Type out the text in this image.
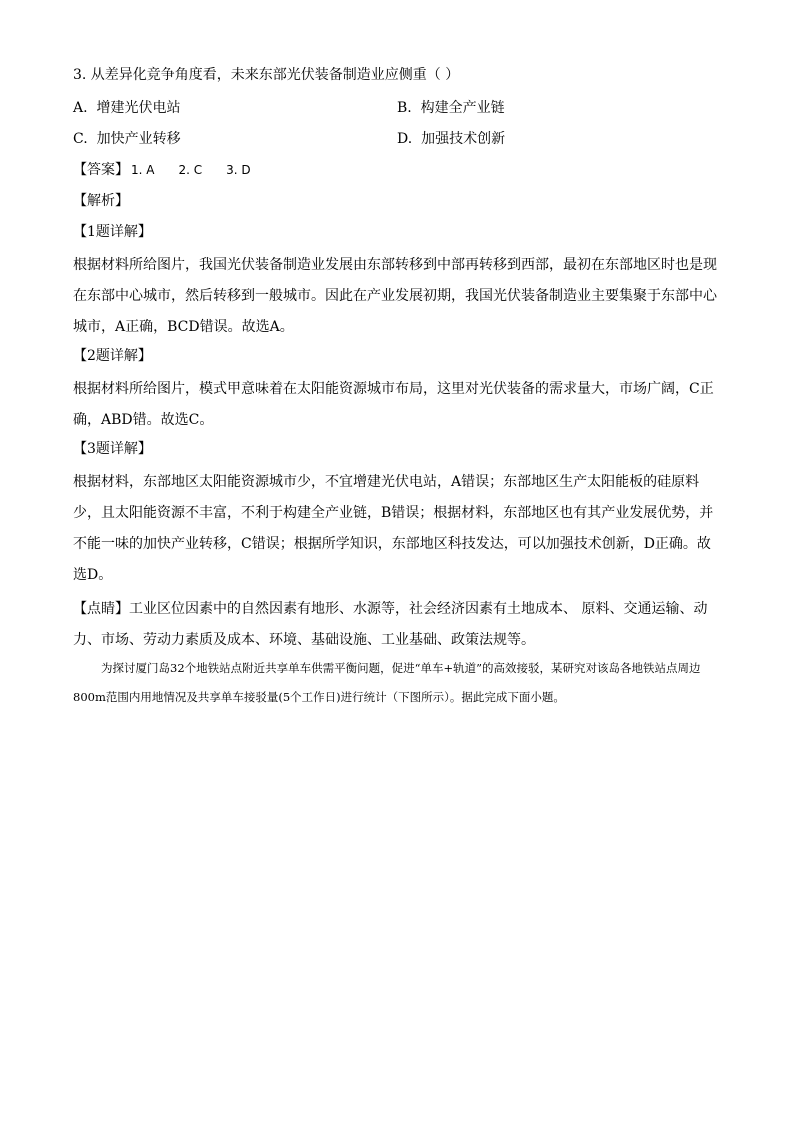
3. 从差异化竞争角度看，未来东部光伏装备制造业应侧重（ ）
A. 增建光伏电站	B. 构建全产业链
C. 加快产业转移	D. 加强技术创新
【答案】 1. A 2. C 3. D
【解析】
【1题详解】
根据材料所给图片，我国光伏装备制造业发展由东部转移到中部再转移到西部，最初在东部地区时也是现在东部中心城市，然后转移到一般城市。因此在产业发展初期，我国光伏装备制造业主要集聚于东部中心城市，A正确，BCD错误。故选A。
【2题详解】
根据材料所给图片，模式甲意味着在太阳能资源城市布局，这里对光伏装备的需求量大，市场广阔，C正确，ABD错。故选C。
【3题详解】
根据材料，东部地区太阳能资源城市少，不宜增建光伏电站，A错误；东部地区生产太阳能板的硅原料少，且太阳能资源不丰富，不利于构建全产业链，B错误；根据材料，东部地区也有其产业发展优势，并不能一味的加快产业转移，C错误；根据所学知识，东部地区科技发达，可以加强技术创新，D正确。故选D。
【点睛】工业区位因素中的自然因素有地形、水源等，社会经济因素有土地成本、 原料、交通运输、动力、市场、劳动力素质及成本、环境、基础设施、工业基础、政策法规等。
为探讨厦门岛32个地铁站点附近共享单车供需平衡问题，促进“单车+轨道”的高效接驳，某研究对该岛各地铁站点周边800m范围内用地情况及共享单车接驳量(5个工作日)进行统计（下图所示）。据此完成下面小题。
